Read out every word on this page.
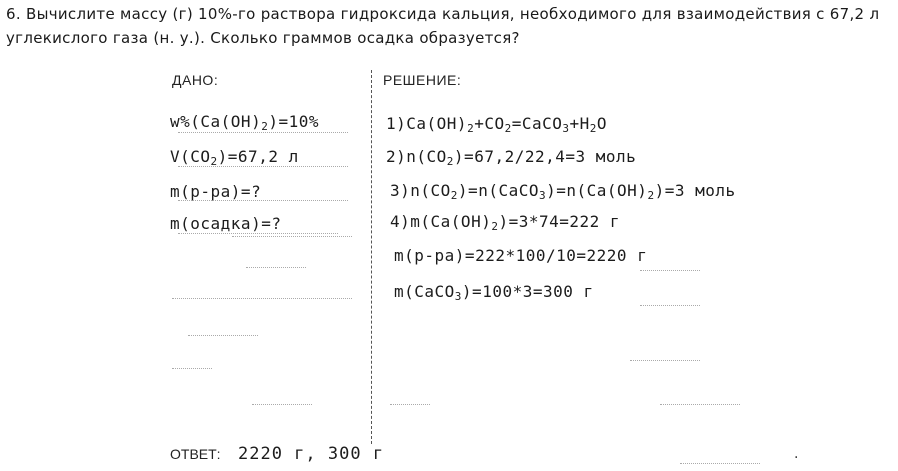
6. Вычислите массу (г) 10%-го раствора гидроксида кальция, необходимого для взаимодействия с 67,2 л
углекислого газа (н. у.). Сколько граммов осадка образуется?
ДАНО:	РЕШЕНИЕ:
$w\%(Ca(OH)_2)=10\%$
$V(CO_2)=67,2$ л
m(р-ра)=?
m(осадка)=?
$1)Ca(OH)_2+CO_2=CaCO_3+H_2O$
$2)n(CO_2)=67,2/22,4=3$ моль
$3)n(CO_2)=n(CaCO_3)=n(Ca(OH)_2)=3$ моль
$4)m(Ca(OH)_2)=3*74=222$ г
m(р-ра)=222*100/10=2220 г
m(CaCO$_3$)=100*3=300 г
ОТВЕТ: 2220 г, 300 г	.
